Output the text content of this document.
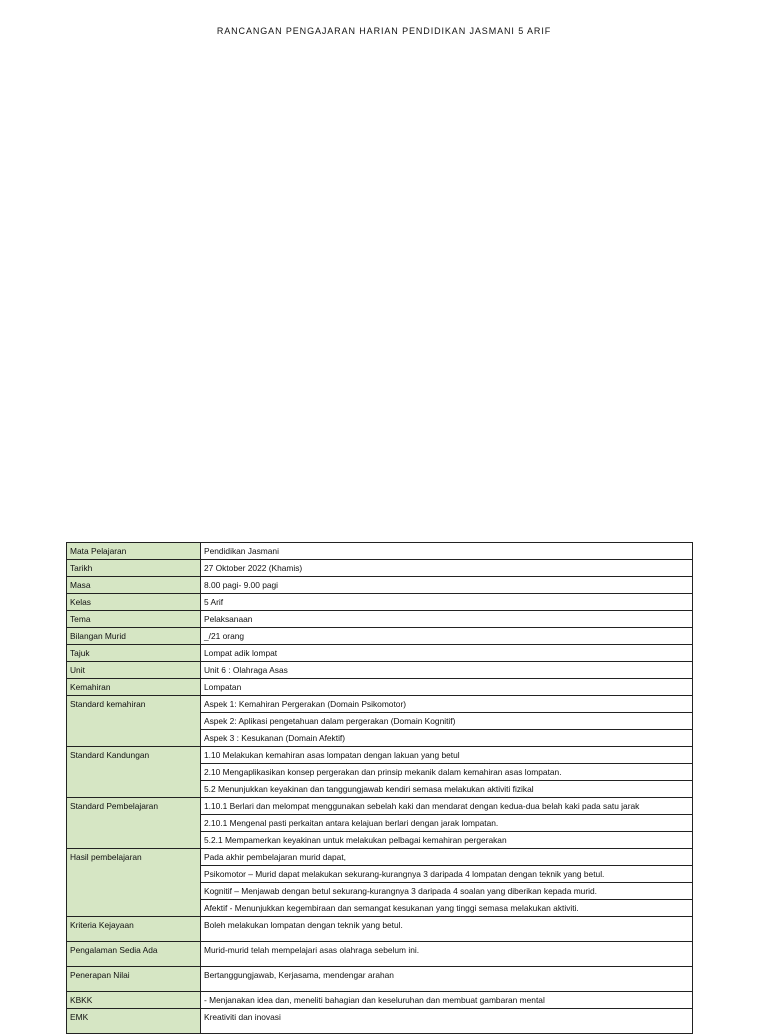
RANCANGAN PENGAJARAN HARIAN PENDIDIKAN JASMANI 5 ARIF
Mata Pelajaran	Pendidikan Jasmani

Tarikh	27 Oktober 2022 (Khamis)

Masa	8.00 pagi- 9.00 pagi

Kelas	5 Arif

Tema	Pelaksanaan

Bilangan Murid	_/21 orang

Tajuk	Lompat adik lompat

Unit	Unit 6 : Olahraga Asas

Kemahiran	Lompatan

Standard kemahiran	Aspek 1: Kemahiran Pergerakan (Domain Psikomotor)
Aspek 2: Aplikasi pengetahuan dalam pergerakan (Domain Kognitif)
Aspek 3 : Kesukanan (Domain Afektif)

Standard Kandungan	1.10 Melakukan kemahiran asas lompatan dengan lakuan yang betul
2.10 Mengaplikasikan konsep pergerakan dan prinsip mekanik dalam kemahiran asas lompatan.
5.2 Menunjukkan keyakinan dan tanggungjawab kendiri semasa melakukan aktiviti fizikal

Standard Pembelajaran	1.10.1 Berlari dan melompat menggunakan sebelah kaki dan mendarat dengan kedua-dua belah kaki pada satu jarak
2.10.1 Mengenal pasti perkaitan antara kelajuan berlari dengan jarak lompatan.
5.2.1 Mempamerkan keyakinan untuk melakukan pelbagai kemahiran pergerakan

Hasil pembelajaran	Pada akhir pembelajaran murid dapat,
Psikomotor – Murid dapat melakukan sekurang-kurangnya 3 daripada 4 lompatan dengan teknik yang betul.
Kognitif – Menjawab dengan betul sekurang-kurangnya 3 daripada 4 soalan yang diberikan kepada murid.
Afektif - Menunjukkan kegembiraan dan semangat kesukanan yang tinggi semasa melakukan aktiviti.

Kriteria Kejayaan	Boleh melakukan lompatan dengan teknik yang betul.

Pengalaman Sedia Ada	Murid-murid telah mempelajari asas olahraga sebelum ini.

Penerapan Nilai	Bertanggungjawab, Kerjasama, mendengar arahan

KBKK	- Menjanakan idea dan, meneliti bahagian dan keseluruhan dan membuat gambaran mental

EMK	Kreativiti dan inovasi
